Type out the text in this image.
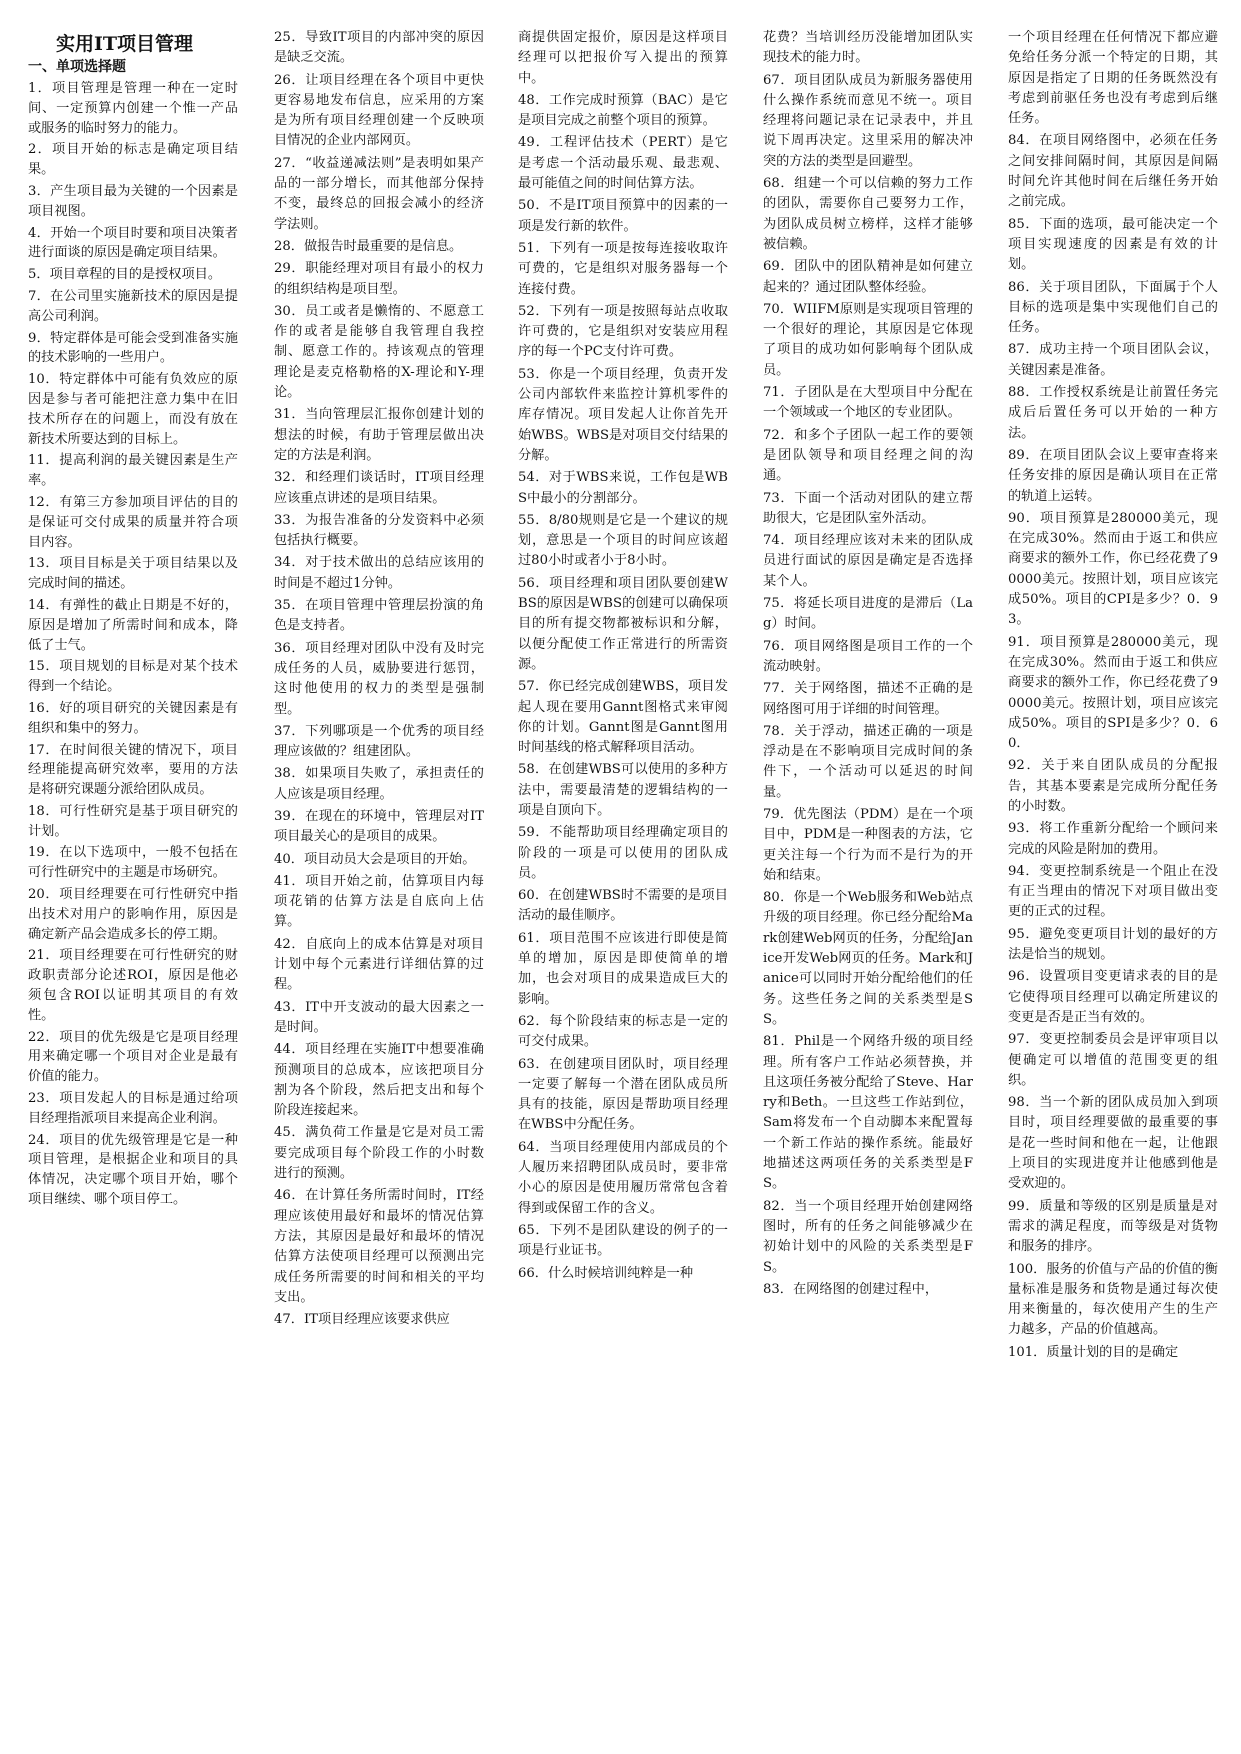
实用IT项目管理
一、单项选择题
1．项目管理是管理一种在一定时间、一定预算内创建一个惟一产品或服务的临时努力的能力。
2．项目开始的标志是确定项目结果。
3．产生项目最为关键的一个因素是项目视图。
4．开始一个项目时要和项目决策者进行面谈的原因是确定项目结果。
5．项目章程的目的是授权项目。
7．在公司里实施新技术的原因是提高公司利润。
9．特定群体是可能会受到准备实施的技术影响的一些用户。
10．特定群体中可能有负效应的原因是参与者可能把注意力集中在旧技术所存在的问题上，而没有放在新技术所要达到的目标上。
11．提高利润的最关键因素是生产率。
12．有第三方参加项目评估的目的是保证可交付成果的质量并符合项目内容。
13．项目目标是关于项目结果以及完成时间的描述。
14．有弹性的截止日期是不好的，原因是增加了所需时间和成本，降低了士气。
15．项目规划的目标是对某个技术得到一个结论。
16．好的项目研究的关键因素是有组织和集中的努力。
17．在时间很关键的情况下，项目经理能提高研究效率，要用的方法是将研究课题分派给团队成员。
18．可行性研究是基于项目研究的计划。
19．在以下选项中，一般不包括在可行性研究中的主题是市场研究。
20．项目经理要在可行性研究中指出技术对用户的影响作用，原因是确定新产品会造成多长的停工期。
21．项目经理要在可行性研究的财政职责部分论述ROI，原因是他必须包含ROI以证明其项目的有效性。
22．项目的优先级是它是项目经理用来确定哪一个项目对企业是最有价值的能力。
23．项目发起人的目标是通过给项目经理指派项目来提高企业利润。
24．项目的优先级管理是它是一种项目管理，是根据企业和项目的具体情况，决定哪个项目开始，哪个项目继续、哪个项目停工。
25．导致IT项目的内部冲突的原因是缺乏交流。
26．让项目经理在各个项目中更快更容易地发布信息，应采用的方案是为所有项目经理创建一个反映项目情况的企业内部网页。
27．“收益递减法则”是表明如果产品的一部分增长，而其他部分保持不变，最终总的回报会减小的经济学法则。
28．做报告时最重要的是信息。
29．职能经理对项目有最小的权力的组织结构是项目型。
30．员工或者是懒惰的、不愿意工作的或者是能够自我管理自我控制、愿意工作的。持该观点的管理理论是麦克格勒格的X-理论和Y-理论。
31．当向管理层汇报你创建计划的想法的时候，有助于管理层做出决定的方法是利润。
32．和经理们谈话时，IT项目经理应该重点讲述的是项目结果。
33．为报告准备的分发资料中必须包括执行概要。
34．对于技术做出的总结应该用的时间是不超过1分钟。
35．在项目管理中管理层扮演的角色是支持者。
36．项目经理对团队中没有及时完成任务的人员，威胁要进行惩罚，这时他使用的权力的类型是强制型。
37．下列哪项是一个优秀的项目经理应该做的？组建团队。
38．如果项目失败了，承担责任的人应该是项目经理。
39．在现在的环境中，管理层对IT项目最关心的是项目的成果。
40．项目动员大会是项目的开始。
41．项目开始之前，估算项目内每项花销的估算方法是自底向上估算。
42．自底向上的成本估算是对项目计划中每个元素进行详细估算的过程。
43．IT中开支波动的最大因素之一是时间。
44．项目经理在实施IT中想要准确预测项目的总成本，应该把项目分割为各个阶段，然后把支出和每个阶段连接起来。
45．满负荷工作量是它是对员工需要完成项目每个阶段工作的小时数进行的预测。
46．在计算任务所需时间时，IT经理应该使用最好和最坏的情况估算方法，其原因是最好和最坏的情况估算方法使项目经理可以预测出完成任务所需要的时间和相关的平均支出。
47．IT项目经理应该要求供应
商提供固定报价，原因是这样项目经理可以把报价写入提出的预算中。
48．工作完成时预算（BAC）是它是项目完成之前整个项目的预算。
49．工程评估技术（PERT）是它是考虑一个活动最乐观、最悲观、最可能值之间的时间估算方法。
50．不是IT项目预算中的因素的一项是发行新的软件。
51．下列有一项是按每连接收取许可费的，它是组织对服务器每一个连接付费。
52．下列有一项是按照每站点收取许可费的，它是组织对安装应用程序的每一个PC支付许可费。
53．你是一个项目经理，负责开发公司内部软件来监控计算机零件的库存情况。项目发起人让你首先开始WBS。WBS是对项目交付结果的分解。
54．对于WBS来说，工作包是WBS中最小的分割部分。
55．8/80规则是它是一个建议的规划，意思是一个项目的时间应该超过80小时或者小于8小时。
56．项目经理和项目团队要创建WBS的原因是WBS的创建可以确保项目的所有提交物都被标识和分解，以便分配使工作正常进行的所需资源。
57．你已经完成创建WBS，项目发起人现在要用Gannt图格式来审阅你的计划。Gannt图是Gannt图用时间基线的格式解释项目活动。
58．在创建WBS可以使用的多种方法中，需要最清楚的逻辑结构的一项是自顶向下。
59．不能帮助项目经理确定项目的阶段的一项是可以使用的团队成员。
60．在创建WBS时不需要的是项目活动的最佳顺序。
61．项目范围不应该进行即使是简单的增加，原因是即使简单的增加，也会对项目的成果造成巨大的影响。
62．每个阶段结束的标志是一定的可交付成果。
63．在创建项目团队时，项目经理一定要了解每一个潜在团队成员所具有的技能，原因是帮助项目经理在WBS中分配任务。
64．当项目经理使用内部成员的个人履历来招聘团队成员时，要非常小心的原因是使用履历常常包含着得到或保留工作的含义。
65．下列不是团队建设的例子的一项是行业证书。
66．什么时候培训纯粹是一种
花费？当培训经历没能增加团队实现技术的能力时。
67．项目团队成员为新服务器使用什么操作系统而意见不统一。项目经理将问题记录在记录表中，并且说下周再决定。这里采用的解决冲突的方法的类型是回避型。
68．组建一个可以信赖的努力工作的团队，需要你自己要努力工作，为团队成员树立榜样，这样才能够被信赖。
69．团队中的团队精神是如何建立起来的？通过团队整体经验。
70．WIIFM原则是实现项目管理的一个很好的理论，其原因是它体现了项目的成功如何影响每个团队成员。
71．子团队是在大型项目中分配在一个领域或一个地区的专业团队。
72．和多个子团队一起工作的要领是团队领导和项目经理之间的沟通。
73．下面一个活动对团队的建立帮助很大，它是团队室外活动。
74．项目经理应该对未来的团队成员进行面试的原因是确定是否选择某个人。
75．将延长项目进度的是滞后（Lag）时间。
76．项目网络图是项目工作的一个流动映射。
77．关于网络图，描述不正确的是网络图可用于详细的时间管理。
78．关于浮动，描述正确的一项是浮动是在不影响项目完成时间的条件下，一个活动可以延迟的时间量。
79．优先图法（PDM）是在一个项目中，PDM是一种图表的方法，它更关注每一个行为而不是行为的开始和结束。
80．你是一个Web服务和Web站点升级的项目经理。你已经分配给Mark创建Web网页的任务，分配给Janice开发Web网页的任务。Mark和Janice可以同时开始分配给他们的任务。这些任务之间的关系类型是SS。
81．Phil是一个网络升级的项目经理。所有客户工作站必须替换，并且这项任务被分配给了Steve、Harry和Beth。一旦这些工作站到位，Sam将发布一个自动脚本来配置每一个新工作站的操作系统。能最好地描述这两项任务的关系类型是FS。
82．当一个项目经理开始创建网络图时，所有的任务之间能够减少在初始计划中的风险的关系类型是FS。
83．在网络图的创建过程中，
一个项目经理在任何情况下都应避免给任务分派一个特定的日期，其原因是指定了日期的任务既然没有考虑到前驱任务也没有考虑到后继任务。
84．在项目网络图中，必须在任务之间安排间隔时间，其原因是间隔时间允许其他时间在后继任务开始之前完成。
85．下面的选项，最可能决定一个项目实现速度的因素是有效的计划。
86．关于项目团队，下面属于个人目标的选项是集中实现他们自己的任务。
87．成功主持一个项目团队会议，关键因素是准备。
88．工作授权系统是让前置任务完成后后置任务可以开始的一种方法。
89．在项目团队会议上要审查将来任务安排的原因是确认项目在正常的轨道上运转。
90．项目预算是280000美元，现在完成30%。然而由于返工和供应商要求的额外工作，你已经花费了90000美元。按照计划，项目应该完成50%。项目的CPI是多少？0．93。
91．项目预算是280000美元，现在完成30%。然而由于返工和供应商要求的额外工作，你已经花费了90000美元。按照计划，项目应该完成50%。项目的SPI是多少？0．60．
92．关于来自团队成员的分配报告，其基本要素是完成所分配任务的小时数。
93．将工作重新分配给一个顾问来完成的风险是附加的费用。
94．变更控制系统是一个阻止在没有正当理由的情况下对项目做出变更的正式的过程。
95．避免变更项目计划的最好的方法是恰当的规划。
96．设置项目变更请求表的目的是它使得项目经理可以确定所建议的变更是否是正当有效的。
97．变更控制委员会是评审项目以便确定可以增值的范围变更的组织。
98．当一个新的团队成员加入到项目时，项目经理要做的最重要的事是花一些时间和他在一起，让他跟上项目的实现进度并让他感到他是受欢迎的。
99．质量和等级的区别是质量是对需求的满足程度，而等级是对货物和服务的排序。
100．服务的价值与产品的价值的衡量标准是服务和货物是通过每次使用来衡量的，每次使用产生的生产力越多，产品的价值越高。
101．质量计划的目的是确定
